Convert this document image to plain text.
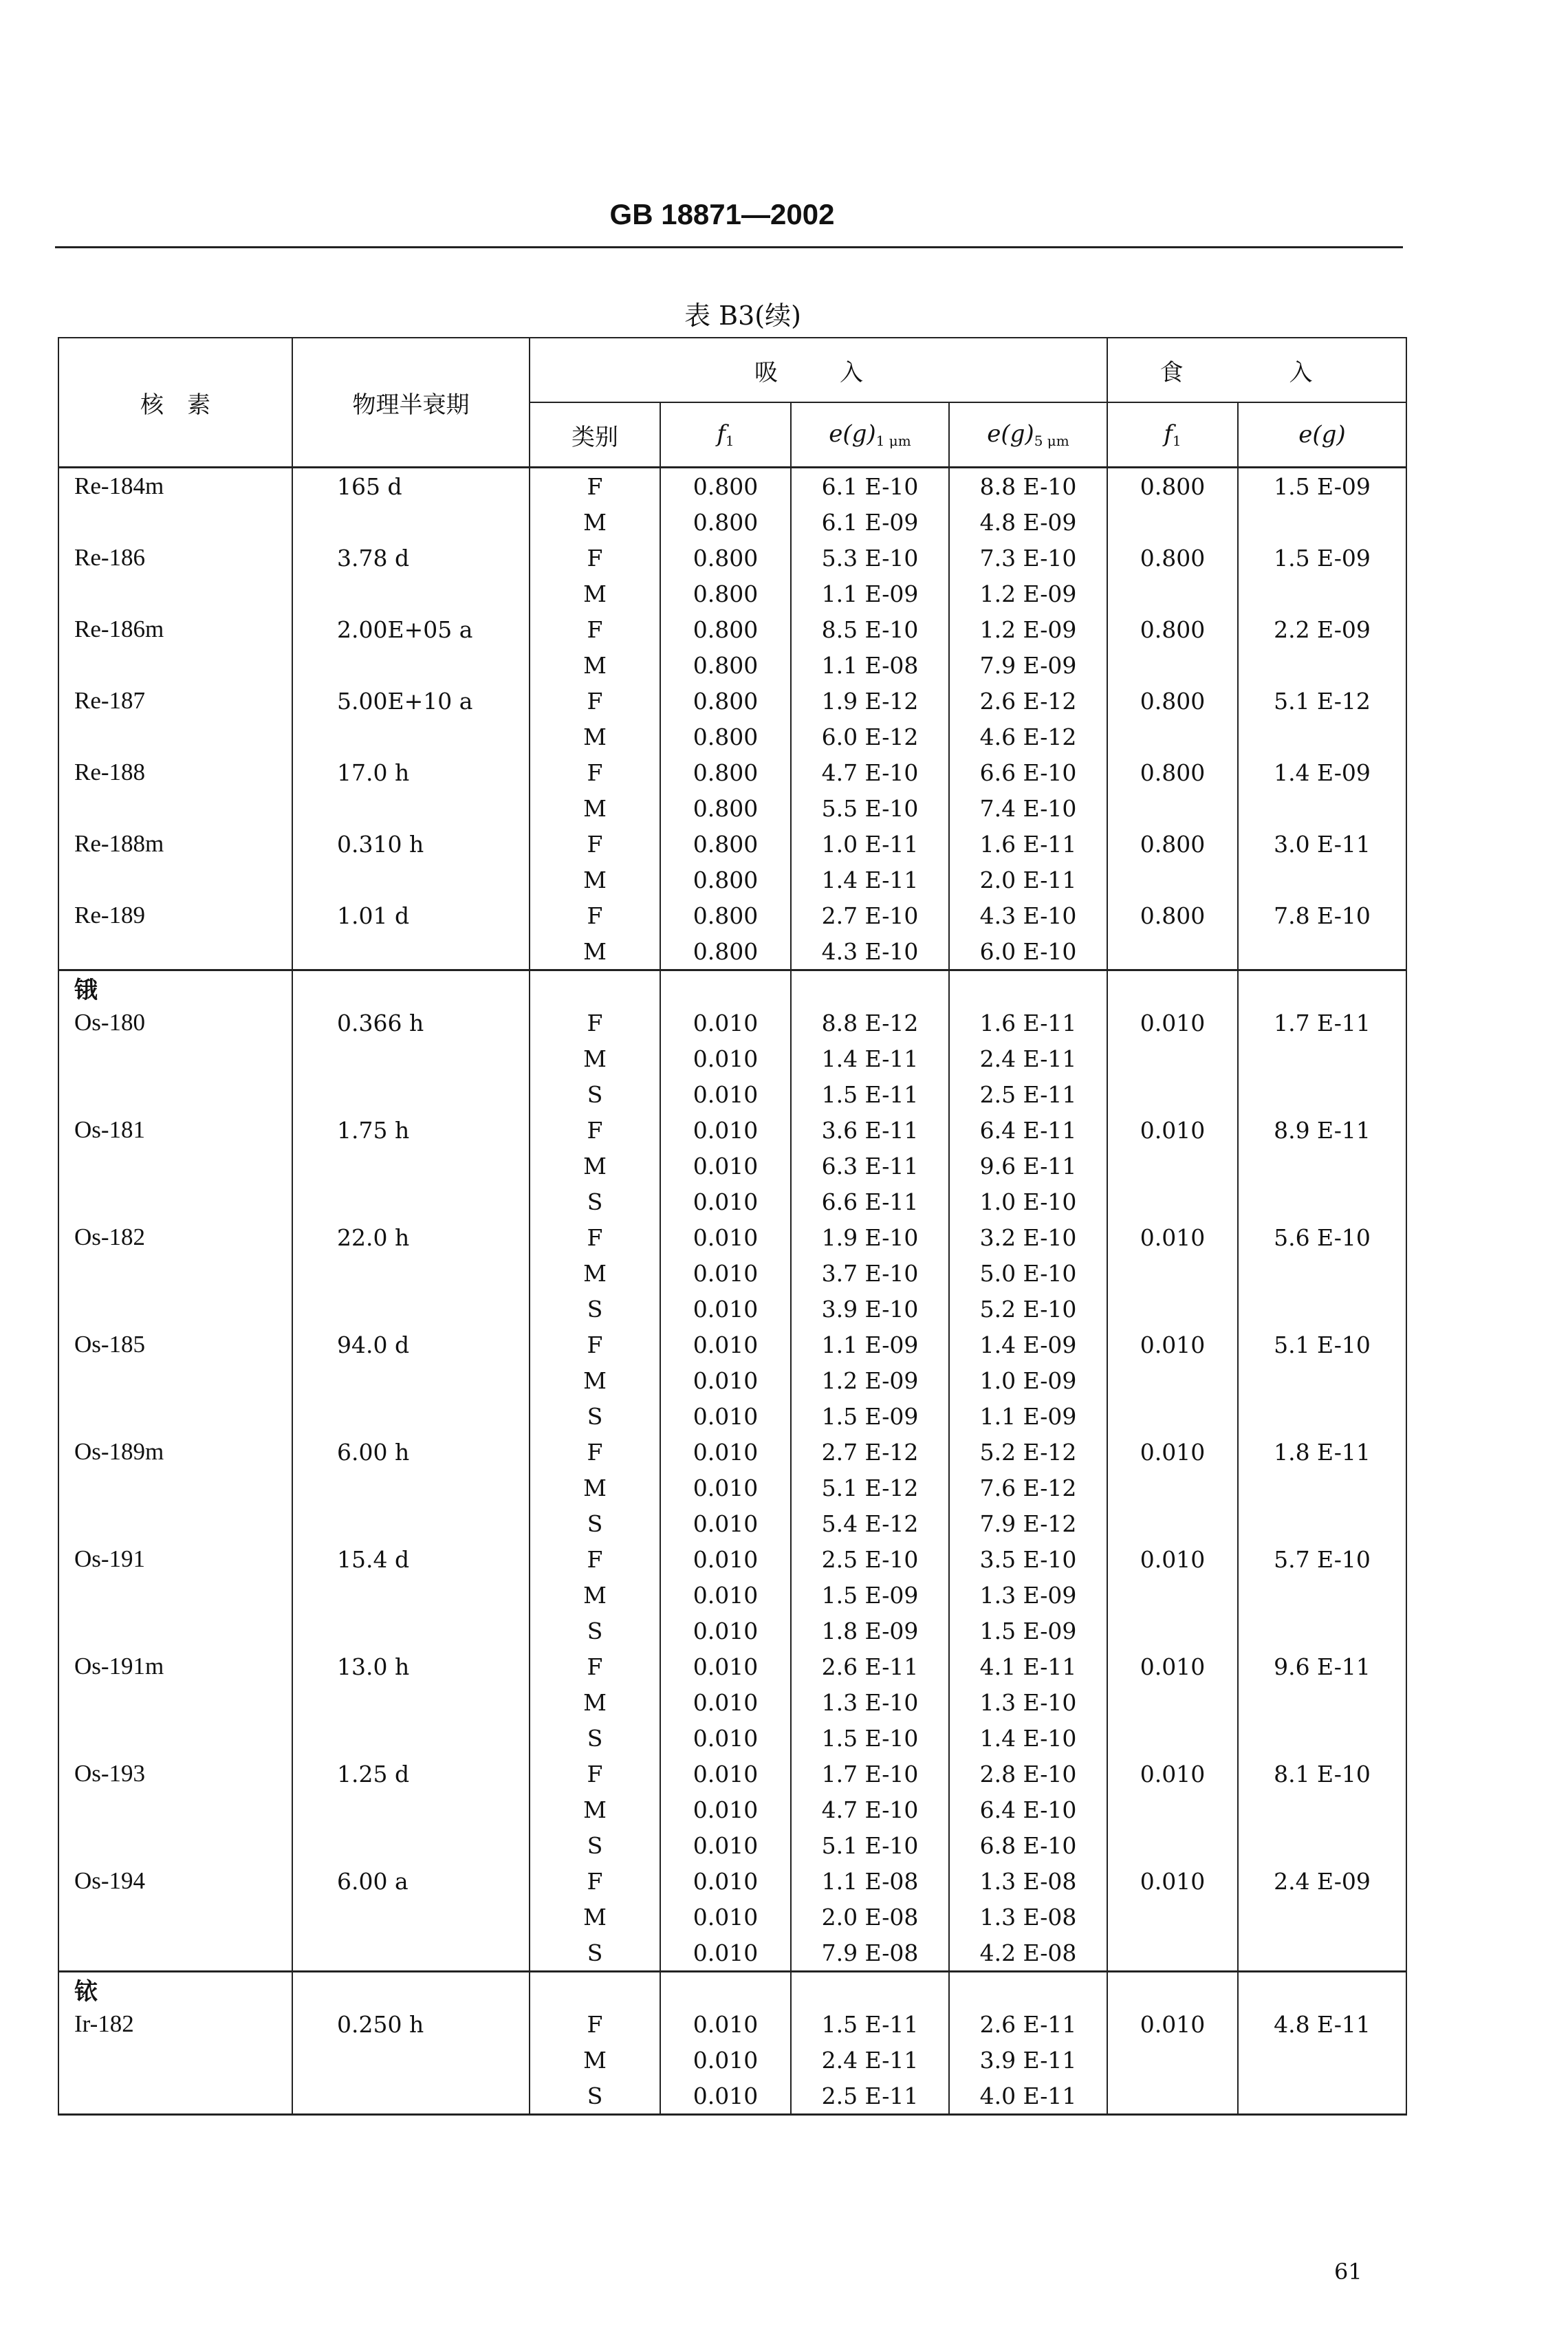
GB 18871—2002
表 B3(续)
核　素	物理半衰期	吸　入				食　入	
		类别	$f_1$	$e(g)_{1 \mu m}$	$e(g)_{5 \mu m}$	$f_1$	e(g)
Re-184m	165 d	F	0.800	6.1 E-10	8.8 E-10	0.800	1.5 E-09
		M	0.800	6.1 E-09	4.8 E-09		
Re-186	3.78 d	F	0.800	5.3 E-10	7.3 E-10	0.800	1.5 E-09
		M	0.800	1.1 E-09	1.2 E-09		
Re-186m	2.00E+05 a	F	0.800	8.5 E-10	1.2 E-09	0.800	2.2 E-09
		M	0.800	1.1 E-08	7.9 E-09		
Re-187	5.00E+10 a	F	0.800	1.9 E-12	2.6 E-12	0.800	5.1 E-12
		M	0.800	6.0 E-12	4.6 E-12		
Re-188	17.0 h	F	0.800	4.7 E-10	6.6 E-10	0.800	1.4 E-09
		M	0.800	5.5 E-10	7.4 E-10		
Re-188m	0.310 h	F	0.800	1.0 E-11	1.6 E-11	0.800	3.0 E-11
		M	0.800	1.4 E-11	2.0 E-11		
Re-189	1.01 d	F	0.800	2.7 E-10	4.3 E-10	0.800	7.8 E-10
		M	0.800	4.3 E-10	6.0 E-10		
锇							
Os-180	0.366 h	F	0.010	8.8 E-12	1.6 E-11	0.010	1.7 E-11
		M	0.010	1.4 E-11	2.4 E-11		
		S	0.010	1.5 E-11	2.5 E-11		
Os-181	1.75 h	F	0.010	3.6 E-11	6.4 E-11	0.010	8.9 E-11
		M	0.010	6.3 E-11	9.6 E-11		
		S	0.010	6.6 E-11	1.0 E-10		
Os-182	22.0 h	F	0.010	1.9 E-10	3.2 E-10	0.010	5.6 E-10
		M	0.010	3.7 E-10	5.0 E-10		
		S	0.010	3.9 E-10	5.2 E-10		
Os-185	94.0 d	F	0.010	1.1 E-09	1.4 E-09	0.010	5.1 E-10
		M	0.010	1.2 E-09	1.0 E-09		
		S	0.010	1.5 E-09	1.1 E-09		
Os-189m	6.00 h	F	0.010	2.7 E-12	5.2 E-12	0.010	1.8 E-11
		M	0.010	5.1 E-12	7.6 E-12		
		S	0.010	5.4 E-12	7.9 E-12		
Os-191	15.4 d	F	0.010	2.5 E-10	3.5 E-10	0.010	5.7 E-10
		M	0.010	1.5 E-09	1.3 E-09		
		S	0.010	1.8 E-09	1.5 E-09		
Os-191m	13.0 h	F	0.010	2.6 E-11	4.1 E-11	0.010	9.6 E-11
		M	0.010	1.3 E-10	1.3 E-10		
		S	0.010	1.5 E-10	1.4 E-10		
Os-193	1.25 d	F	0.010	1.7 E-10	2.8 E-10	0.010	8.1 E-10
		M	0.010	4.7 E-10	6.4 E-10		
		S	0.010	5.1 E-10	6.8 E-10		
Os-194	6.00 a	F	0.010	1.1 E-08	1.3 E-08	0.010	2.4 E-09
		M	0.010	2.0 E-08	1.3 E-08		
		S	0.010	7.9 E-08	4.2 E-08		
铱							
Ir-182	0.250 h	F	0.010	1.5 E-11	2.6 E-11	0.010	4.8 E-11
		M	0.010	2.4 E-11	3.9 E-11		
		S	0.010	2.5 E-11	4.0 E-11		
61
